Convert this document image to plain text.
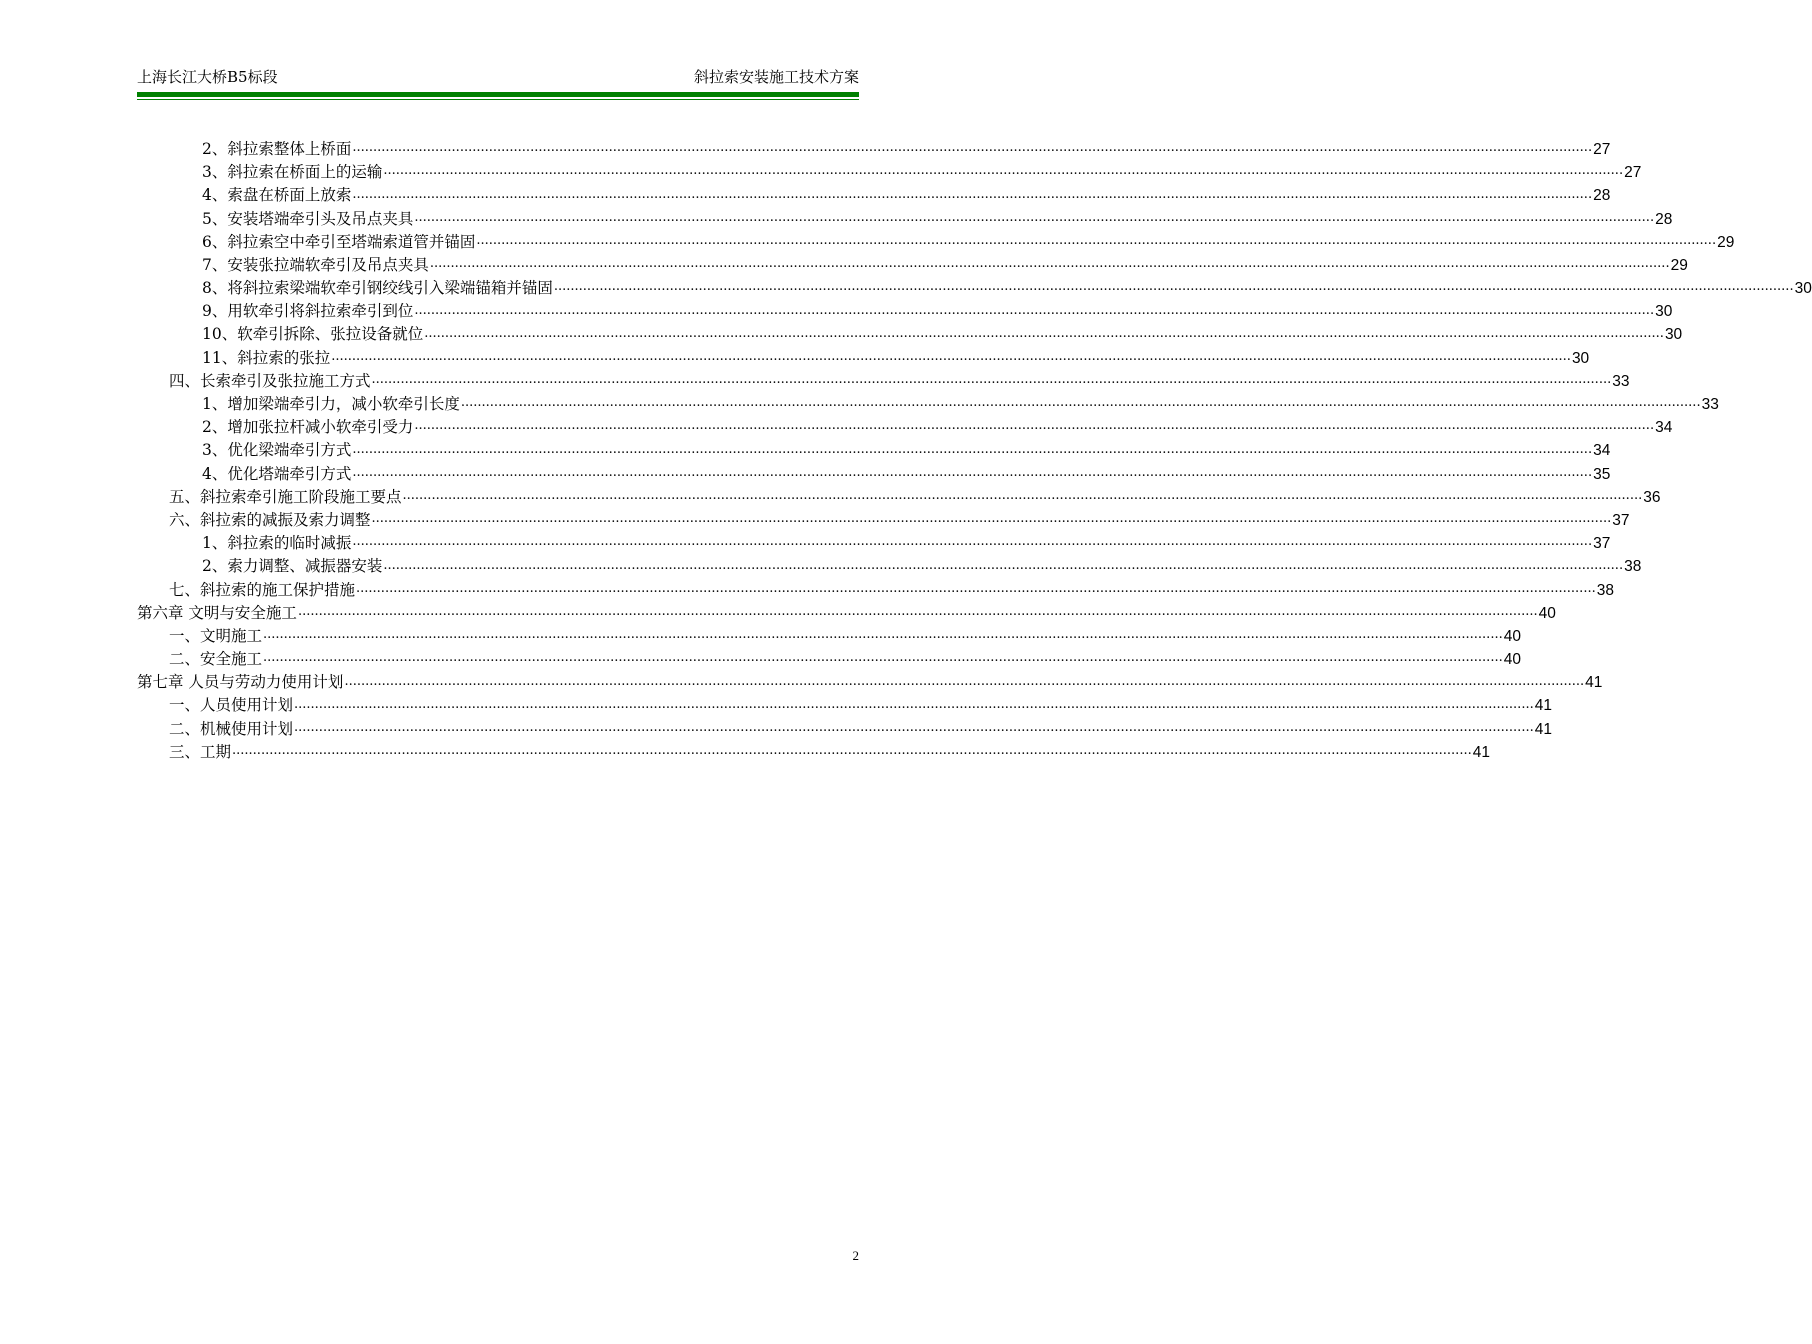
上海长江大桥B5标段	斜拉索安装施工技术方案
2、斜拉索整体上桥面 ............................................................................................................................................................................................................................................................................................................ 27
3、斜拉索在桥面上的运输 ............................................................................................................................................................................................................................................................................................................ 27
4、索盘在桥面上放索 ............................................................................................................................................................................................................................................................................................................ 28
5、安装塔端牵引头及吊点夹具 ............................................................................................................................................................................................................................................................................................................ 28
6、斜拉索空中牵引至塔端索道管并锚固 ............................................................................................................................................................................................................................................................................................................ 29
7、安装张拉端软牵引及吊点夹具 ............................................................................................................................................................................................................................................................................................................ 29
8、将斜拉索梁端软牵引钢绞线引入梁端锚箱并锚固 ............................................................................................................................................................................................................................................................................................................ 30
9、用软牵引将斜拉索牵引到位 ............................................................................................................................................................................................................................................................................................................ 30
10、软牵引拆除、张拉设备就位 ............................................................................................................................................................................................................................................................................................................ 30
11、斜拉索的张拉 ............................................................................................................................................................................................................................................................................................................ 30
四、长索牵引及张拉施工方式 ............................................................................................................................................................................................................................................................................................................ 33
1、增加梁端牵引力，减小软牵引长度 ............................................................................................................................................................................................................................................................................................................ 33
2、增加张拉杆减小软牵引受力 ............................................................................................................................................................................................................................................................................................................ 34
3、优化梁端牵引方式 ............................................................................................................................................................................................................................................................................................................ 34
4、优化塔端牵引方式 ............................................................................................................................................................................................................................................................................................................ 35
五、斜拉索牵引施工阶段施工要点 ............................................................................................................................................................................................................................................................................................................ 36
六、斜拉索的减振及索力调整 ............................................................................................................................................................................................................................................................................................................ 37
1、斜拉索的临时减振 ............................................................................................................................................................................................................................................................................................................ 37
2、索力调整、减振器安装 ............................................................................................................................................................................................................................................................................................................ 38
七、斜拉索的施工保护措施 ............................................................................................................................................................................................................................................................................................................ 38
第六章 文明与安全施工 ............................................................................................................................................................................................................................................................................................................ 40
一、文明施工 ............................................................................................................................................................................................................................................................................................................ 40
二、安全施工 ............................................................................................................................................................................................................................................................................................................ 40
第七章 人员与劳动力使用计划 ............................................................................................................................................................................................................................................................................................................ 41
一、人员使用计划 ............................................................................................................................................................................................................................................................................................................ 41
二、机械使用计划 ............................................................................................................................................................................................................................................................................................................ 41
三、工期 ............................................................................................................................................................................................................................................................................................................ 41
2
